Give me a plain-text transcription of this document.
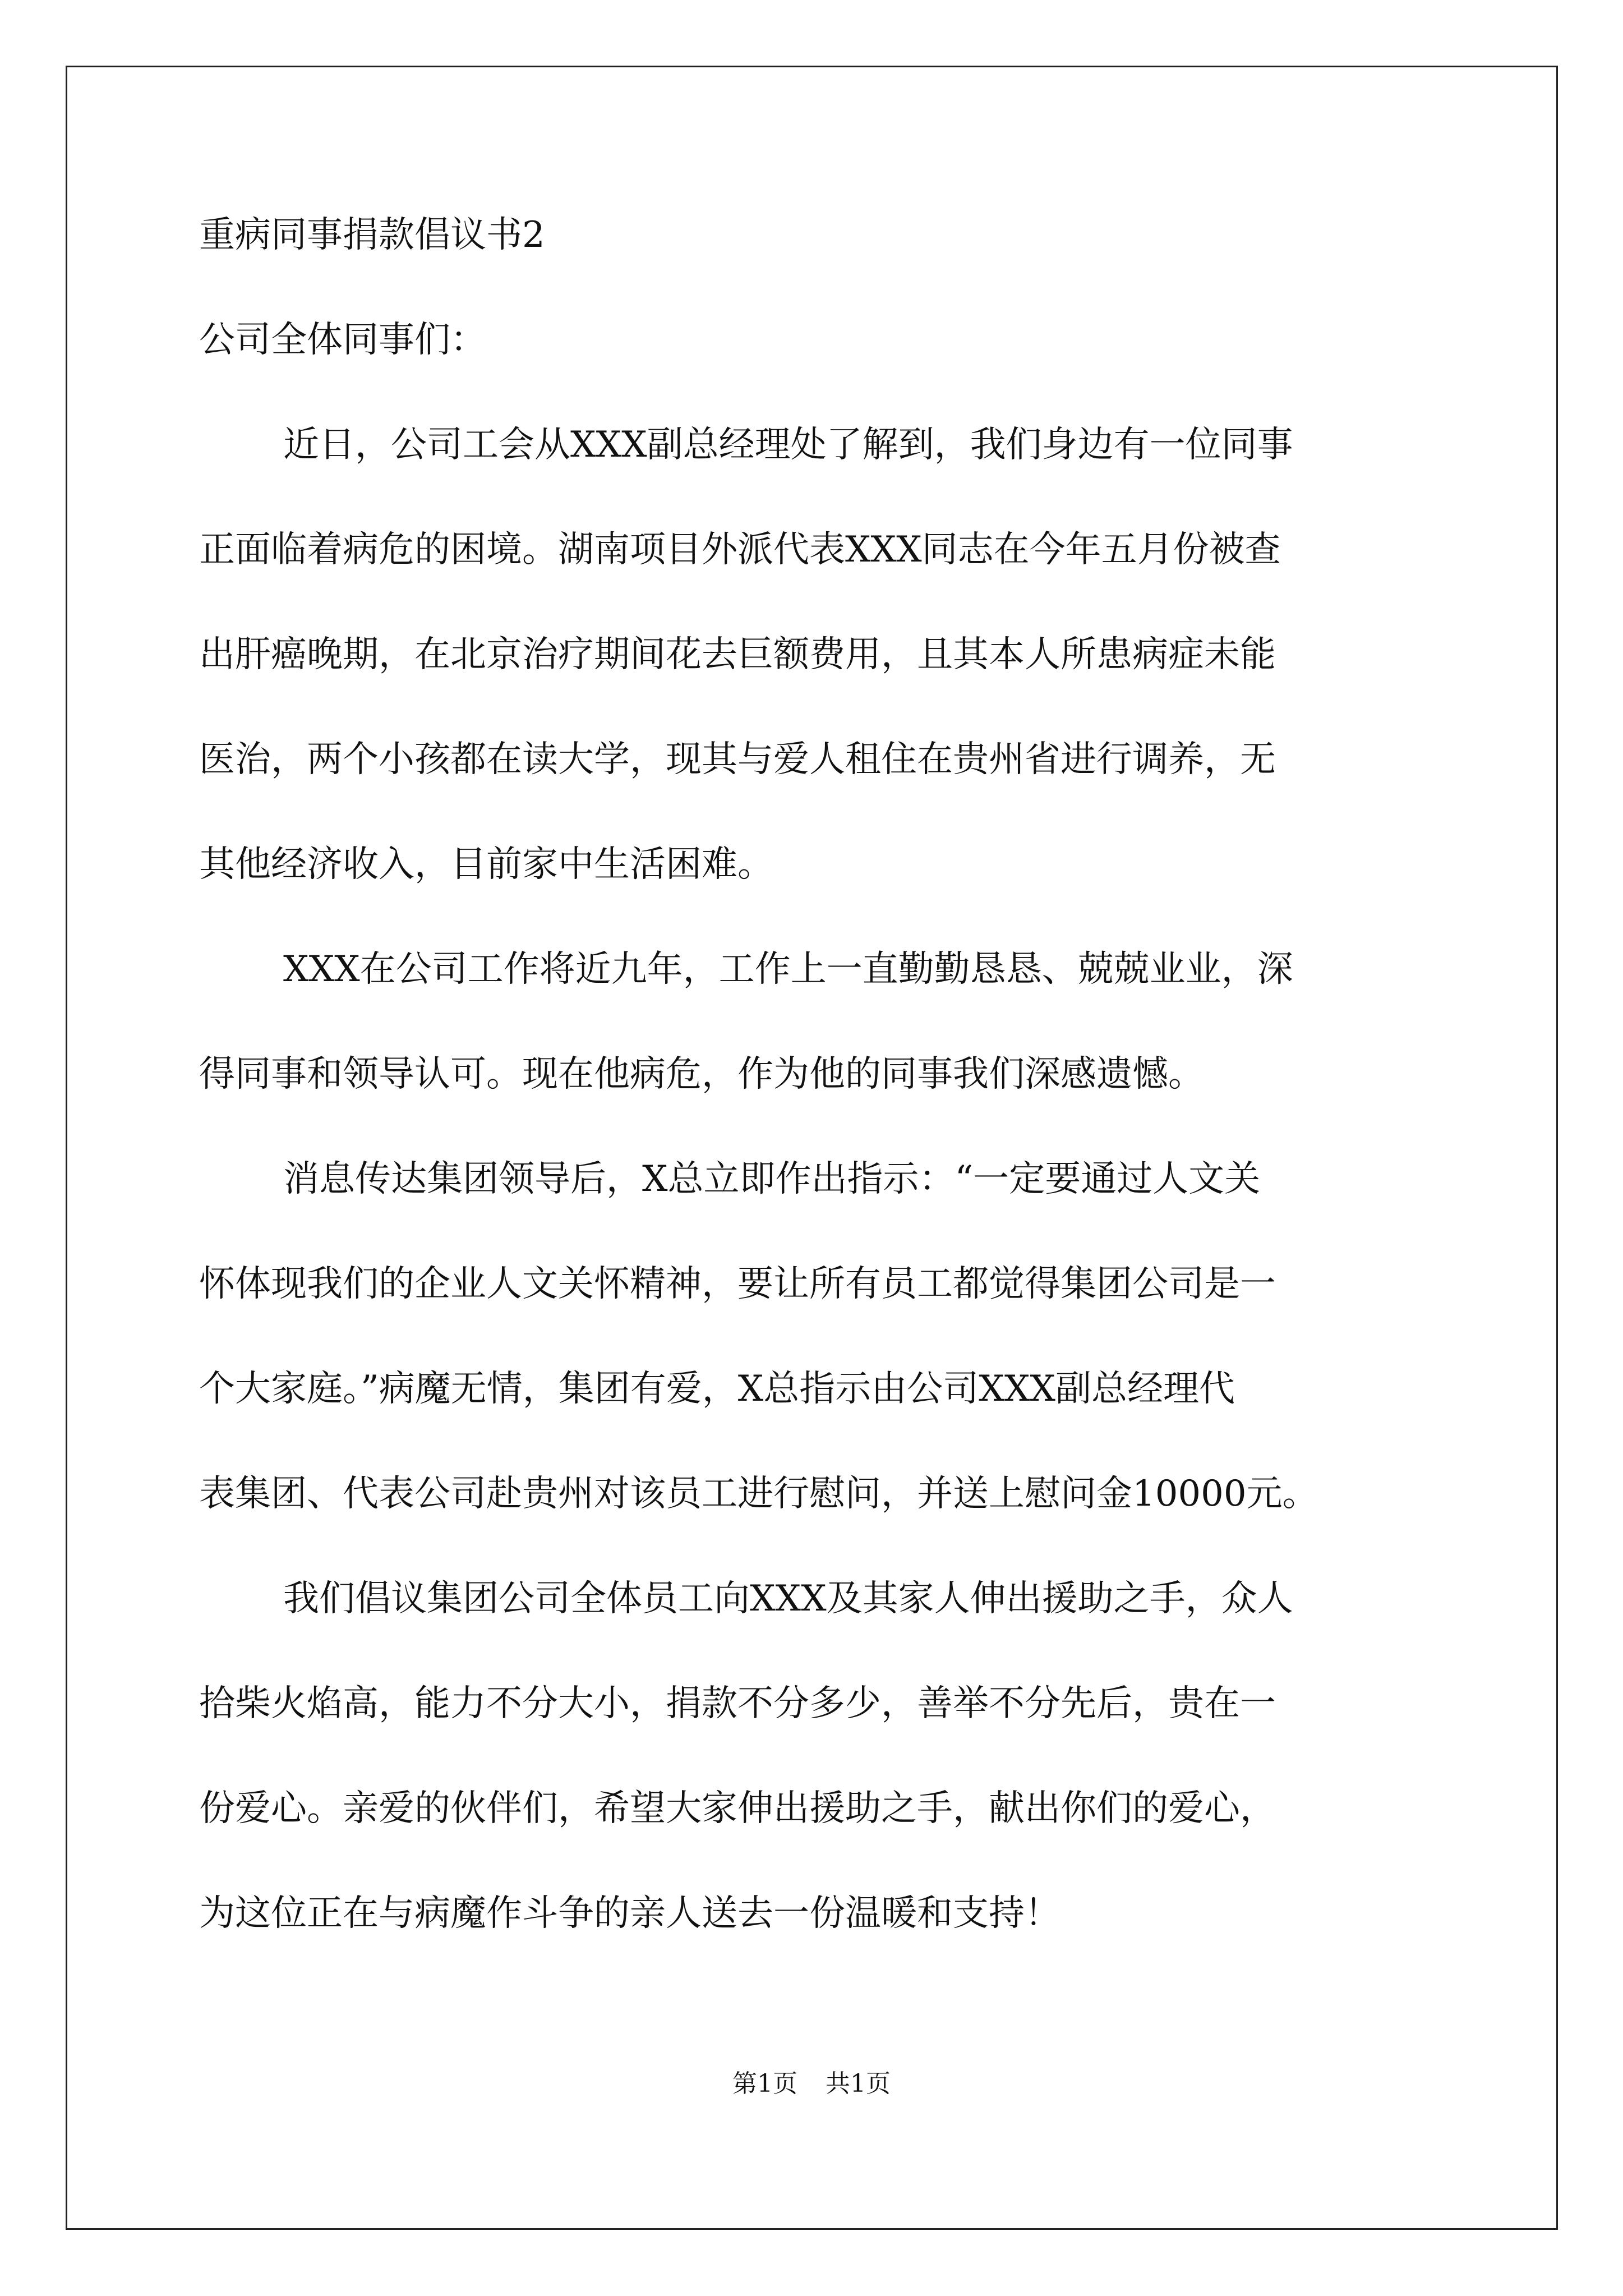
重病同事捐款倡议书2

公司全体同事们：

近日，公司工会从XXX副总经理处了解到，我们身边有一位同事
正面临着病危的困境。湖南项目外派代表XXX同志在今年五月份被查
出肝癌晚期，在北京治疗期间花去巨额费用，且其本人所患病症未能
医治，两个小孩都在读大学，现其与爱人租住在贵州省进行调养，无
其他经济收入，目前家中生活困难。

XXX在公司工作将近九年，工作上一直勤勤恳恳、兢兢业业，深
得同事和领导认可。现在他病危，作为他的同事我们深感遗憾。

消息传达集团领导后，X总立即作出指示：“一定要通过人文关
怀体现我们的企业人文关怀精神，要让所有员工都觉得集团公司是一
个大家庭。”病魔无情，集团有爱，X总指示由公司XXX副总经理代
表集团、代表公司赴贵州对该员工进行慰问，并送上慰问金10000元。

我们倡议集团公司全体员工向XXX及其家人伸出援助之手，众人
拾柴火焰高，能力不分大小，捐款不分多少，善举不分先后，贵在一
份爱心。亲爱的伙伴们，希望大家伸出援助之手，献出你们的爱心，
为这位正在与病魔作斗争的亲人送去一份温暖和支持！

第1页 共1页
